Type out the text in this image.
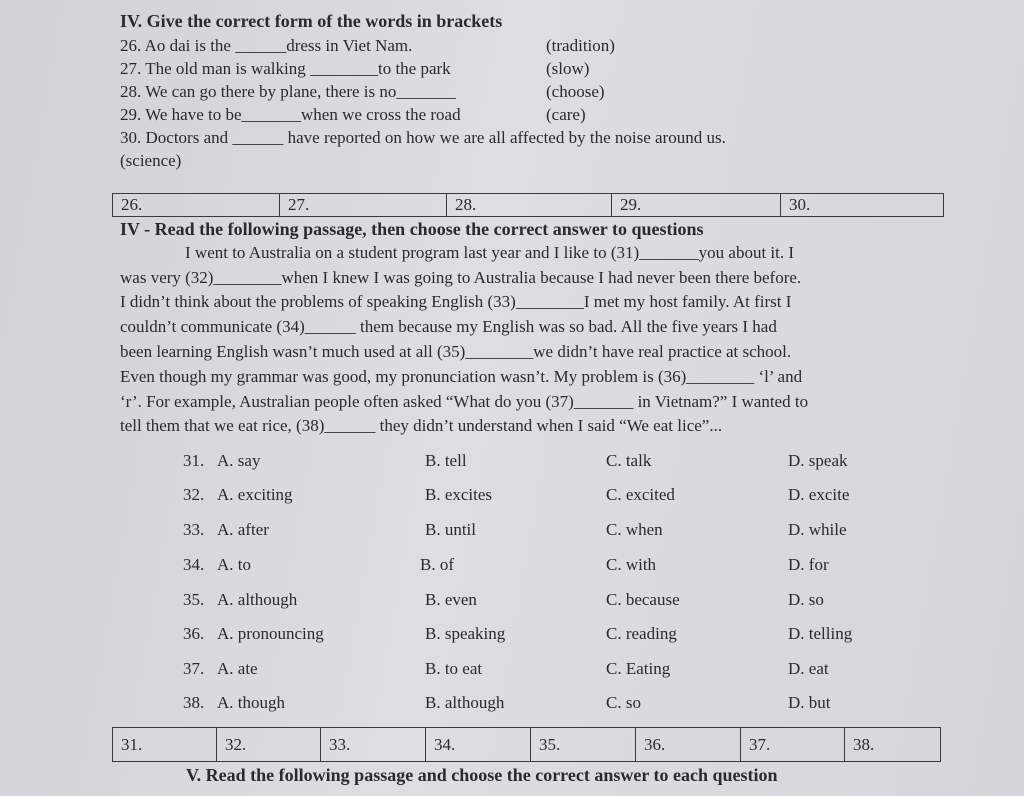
IV. Give the correct form of the words in brackets
26. Ao dai is the ______dress in Viet Nam.	(tradition)
27. The old man is walking ________to the park	(slow)
28. We can go there by plane, there is no_______	(choose)
29. We have to be_______when we cross the road	(care)
30. Doctors and ______ have reported on how we are all affected by the noise around us.
(science)
26.	27.	28.	29.	30.
IV - Read the following passage, then choose the correct answer to questions
I went to Australia on a student program last year and I like to (31)_______you about it. I
was very (32)________when I knew I was going to Australia because I had never been there before.
I didn’t think about the problems of speaking English (33)________I met my host family. At first I
couldn’t communicate (34)______ them because my English was so bad. All the five years I had
been learning English wasn’t much used at all (35)________we didn’t have real practice at school.
Even though my grammar was good, my pronunciation wasn’t. My problem is (36)________ ‘l’ and
‘r’. For example, Australian people often asked “What do you (37)_______ in Vietnam?” I wanted to
tell them that we eat rice, (38)______ they didn’t understand when I said “We eat lice”...
31. A. say	B. tell	C. talk	D. speak
32. A. exciting	B. excites	C. excited	D. excite
33. A. after	B. until	C. when	D. while
34. A. to	B. of	C. with	D. for
35. A. although	B. even	C. because	D. so
36. A. pronouncing	B. speaking	C. reading	D. telling
37. A. ate	B. to eat	C. Eating	D. eat
38. A. though	B. although	C. so	D. but
31.	32.	33.	34.	35.	36.	37.	38.
V. Read the following passage and choose the correct answer to each question
